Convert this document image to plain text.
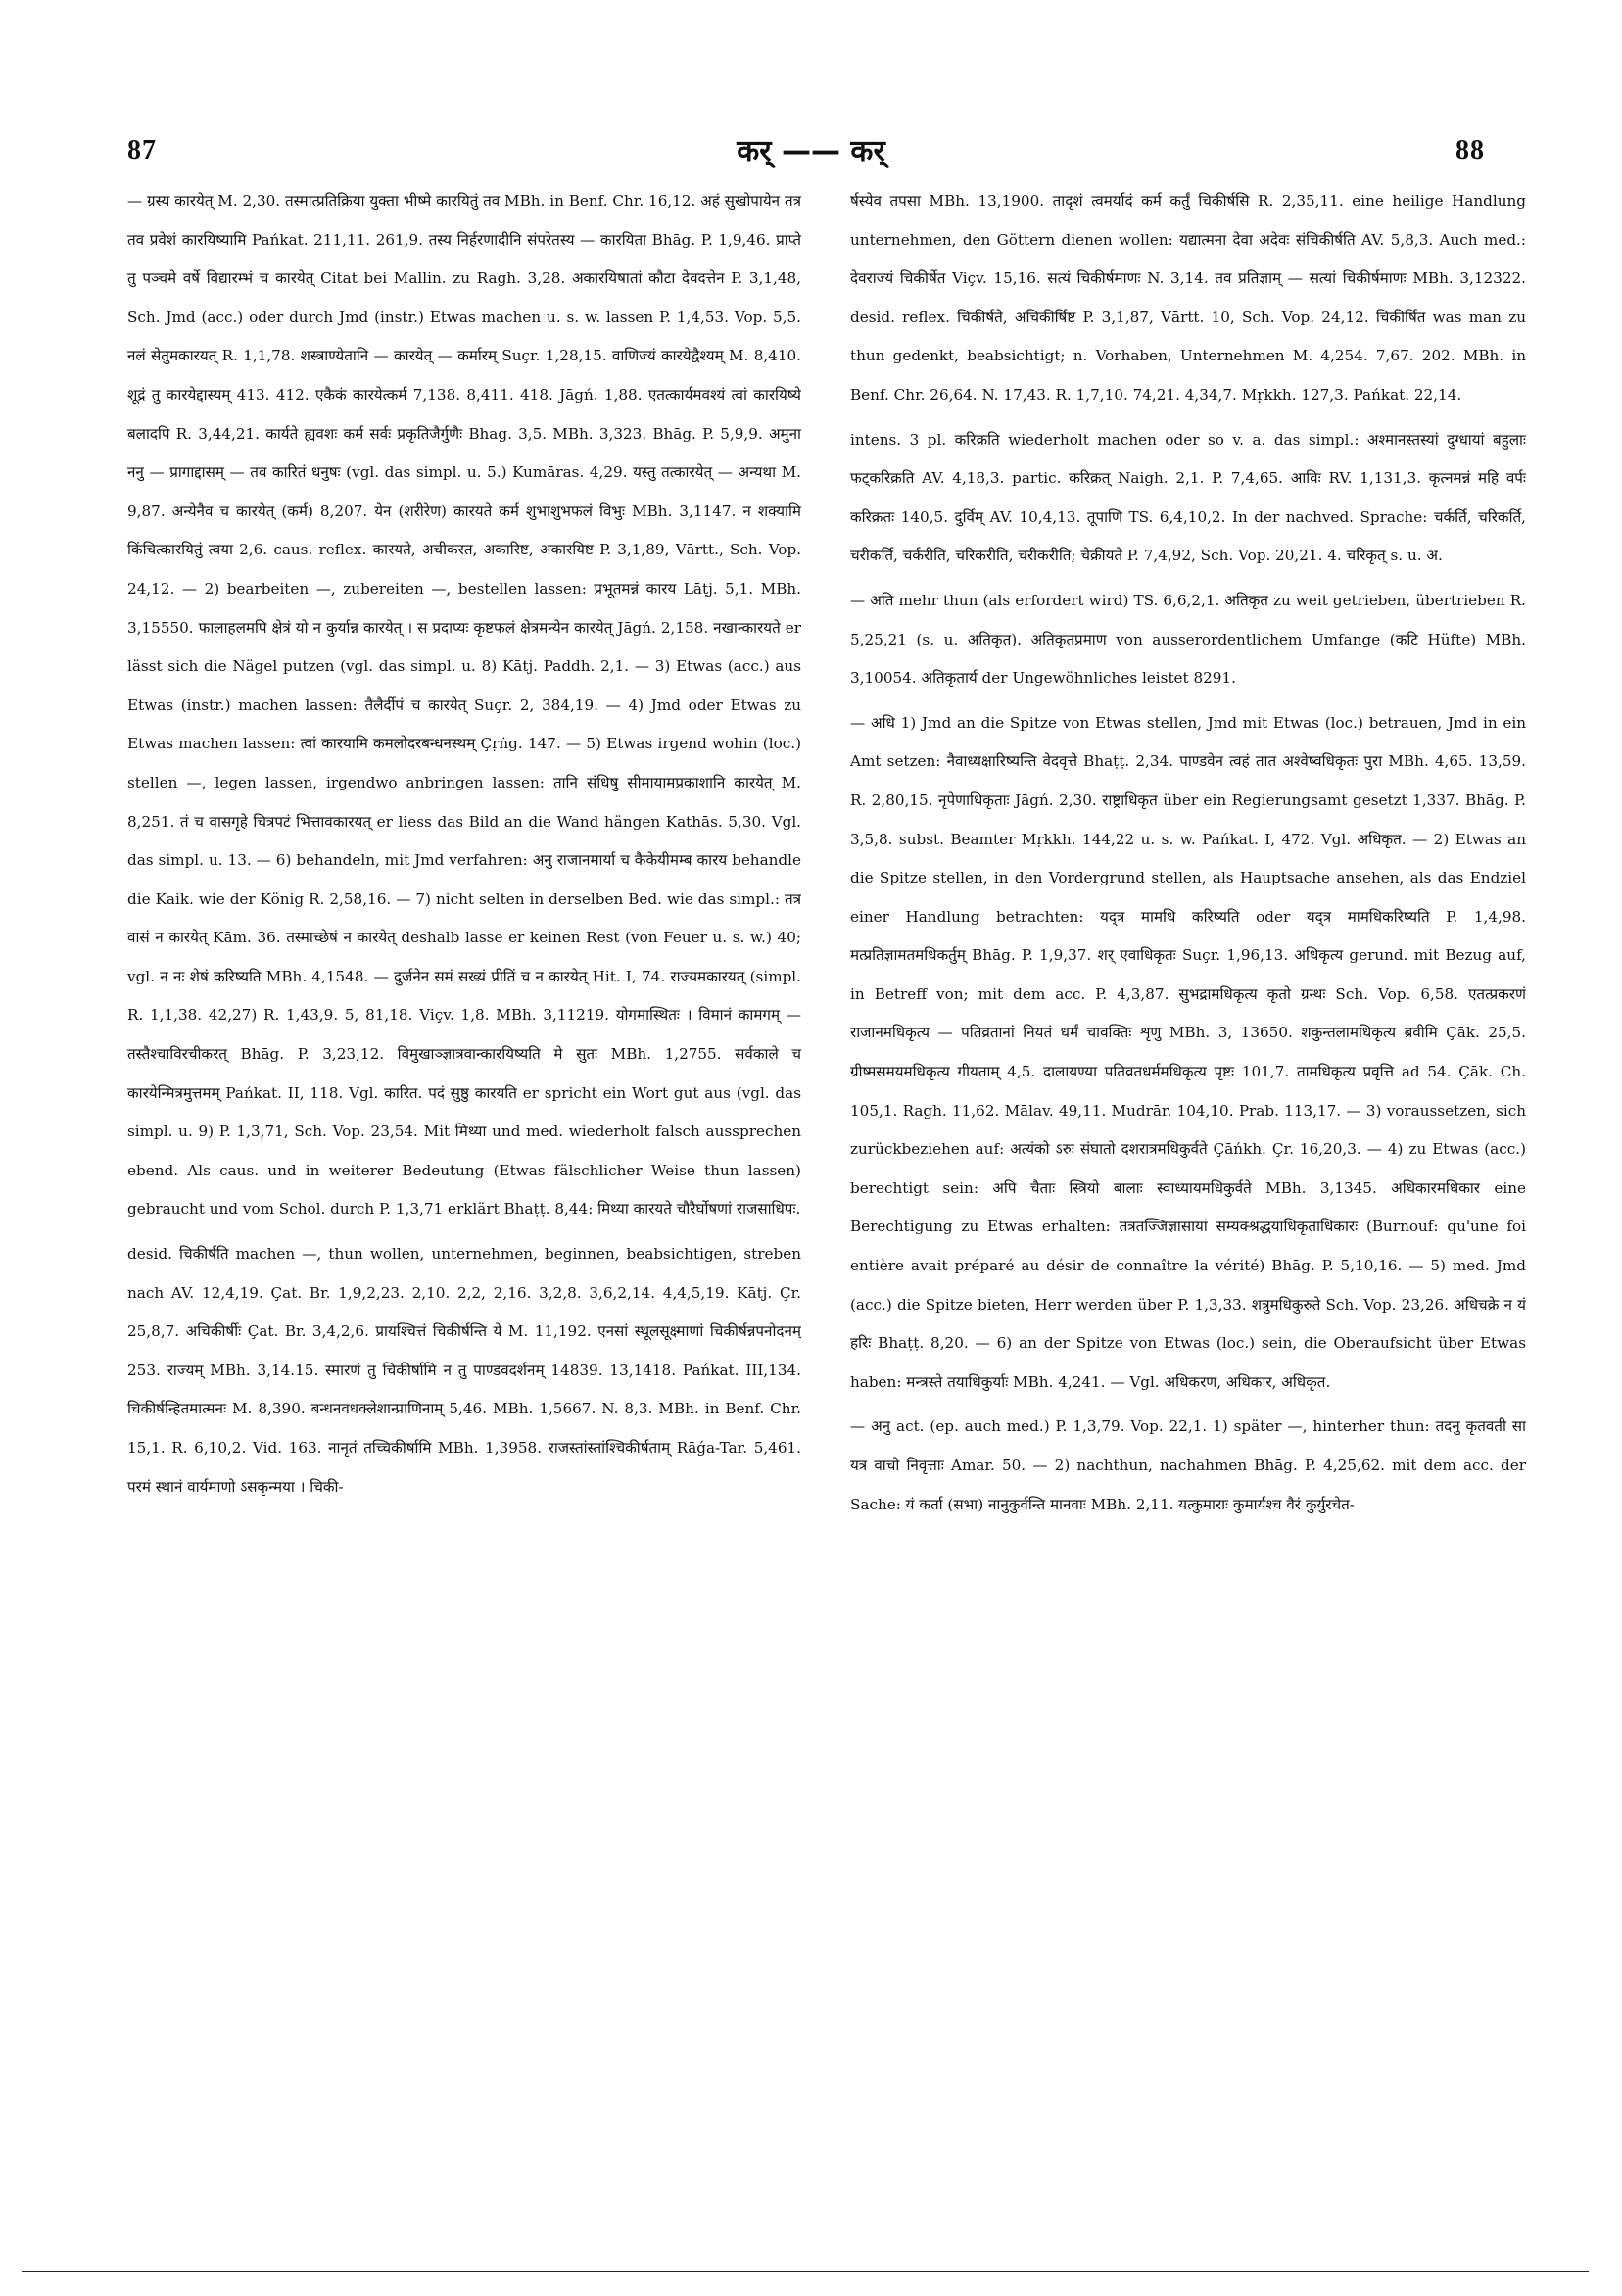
87	कर् —— कर्	88

— ग्रस्य कारयेत् M. 2,30. तस्मात्प्रतिक्रिया युक्ता भीष्मे कारयितुं तव MBh. in Benf. Chr. 16,12. अहं सुखोपायेन तत्र तव प्रवेशं कारयिष्यामि Pańkat. 211,11. 261,9. तस्य निर्हरणादीनि संपरेतस्य — कारयिता Bhāg. P. 1,9,46. प्राप्ते तु पञ्चमे वर्षे विद्यारम्भं च कारयेत् Citat bei Mallin. zu Ragh. 3,28. अकारयिषातां कौटा देवदत्तेन P. 3,1,48, Sch. Jmd (acc.) oder durch Jmd (instr.) Etwas machen u. s. w. lassen P. 1,4,53. Vop. 5,5. नलं सेतुमकारयत् R. 1,1,78. शस्त्राण्येतानि — कारयेत् — कर्मारम् Suçr. 1,28,15. वाणिज्यं कारयेद्वैश्यम् M. 8,410. शूद्रं तु कारयेद्दास्यम् 413. 412. एकैकं कारयेत्कर्म 7,138. 8,411. 418. Jāgń. 1,88. एतत्कार्यमवश्यं त्वां कारयिष्ये बलादपि R. 3,44,21. कार्यते ह्यवशः कर्म सर्वः प्रकृतिजैर्गुणैः Bhag. 3,5. MBh. 3,323. Bhāg. P. 5,9,9. अमुना ननु — प्रागाद्दासम् — तव कारितं धनुषः (vgl. das simpl. u. 5.) Kumāras. 4,29. यस्तु तत्कारयेत् — अन्यथा M. 9,87. अन्येनैव च कारयेत् (कर्म) 8,207. येन (शरीरेण) कारयते कर्म शुभाशुभफलं विभुः MBh. 3,1147. न शक्यामि किंचित्कारयितुं त्वया 2,6. caus. reflex. कारयते, अचीकरत, अकारिष्ट, अकारयिष्ट P. 3,1,89, Vārtt., Sch. Vop. 24,12. — 2) bearbeiten —, zubereiten —, bestellen lassen: प्रभूतमन्नं कारय Lāṭj. 5,1. MBh. 3,15550. फालाहलमपि क्षेत्रं यो न कुर्यान्न कारयेत् । स प्रदाप्यः कृष्टफलं क्षेत्रमन्येन कारयेत् Jāgń. 2,158. नखान्कारयते er lässt sich die Nägel putzen (vgl. das simpl. u. 8) Kātj. Paddh. 2,1. — 3) Etwas (acc.) aus Etwas (instr.) machen lassen: तैलैर्दीपं च कारयेत् Suçr. 2, 384,19. — 4) Jmd oder Etwas zu Etwas machen lassen: त्वां कारयामि कमलोदरबन्धनस्थम् Çṛṅg. 147. — 5) Etwas irgend wohin (loc.) stellen —, legen lassen, irgendwo anbringen lassen: तानि संधिषु सीमायामप्रकाशानि कारयेत् M. 8,251. तं च वासगृहे चित्रपटं भित्तावकारयत् er liess das Bild an die Wand hängen Kathās. 5,30. Vgl. das simpl. u. 13. — 6) behandeln, mit Jmd verfahren: अनु राजानमार्या च कैकेयीमम्ब कारय behandle die Kaik. wie der König R. 2,58,16. — 7) nicht selten in derselben Bed. wie das simpl.: तत्र वासं न कारयेत् Kām. 36. तस्माच्छेषं न कारयेत् deshalb lasse er keinen Rest (von Feuer u. s. w.) 40; vgl. न नः शेषं करिष्यति MBh. 4,1548. — दुर्जनेन समं सख्यं प्रीतिं च न कारयेत् Hit. I, 74. राज्यमकारयत् (simpl. R. 1,1,38. 42,27) R. 1,43,9. 5, 81,18. Viçv. 1,8. MBh. 3,11219. योगमास्थितः । विमानं कामगम् — तस्तैश्चाविरचीकरत् Bhāg. P. 3,23,12. विमुखाञ्ज्ञात्रवान्कारयिष्यति मे सुतः MBh. 1,2755. सर्वकाले च कारयेन्मित्रमुत्तमम् Pańkat. II, 118. Vgl. कारित. पदं सुष्ठु कारयति er spricht ein Wort gut aus (vgl. das simpl. u. 9) P. 1,3,71, Sch. Vop. 23,54. Mit मिथ्या und med. wiederholt falsch aussprechen ebend. Als caus. und in weiterer Bedeutung (Etwas fälschlicher Weise thun lassen) gebraucht und vom Schol. durch P. 1,3,71 erklärt Bhaṭṭ. 8,44: मिथ्या कारयते चौरैर्घोषणां राजसाधिपः.

desid. चिकीर्षति machen —, thun wollen, unternehmen, beginnen, beabsichtigen, streben nach AV. 12,4,19. Çat. Br. 1,9,2,23. 2,10. 2,2, 2,16. 3,2,8. 3,6,2,14. 4,4,5,19. Kātj. Çr. 25,8,7. अचिकीर्षीः Çat. Br. 3,4,2,6. प्रायश्चित्तं चिकीर्षन्ति ये M. 11,192. एनसां स्थूलसूक्ष्माणां चिकीर्षन्नपनोदनम् 253. राज्यम् MBh. 3,14.15. स्मारणं तु चिकीर्षामि न तु पाण्डवदर्शनम् 14839. 13,1418. Pańkat. III,134. चिकीर्षन्हितमात्मनः M. 8,390. बन्धनवधक्लेशान्प्राणिनाम् 5,46. MBh. 1,5667. N. 8,3. MBh. in Benf. Chr. 15,1. R. 6,10,2. Vid. 163. नानृतं तच्चिकीर्षामि MBh. 1,3958. राजस्तांस्तांश्चिकीर्षताम् Rāǵa-Tar. 5,461. परमं स्थानं वार्यमाणो ऽसकृन्मया । चिकी-

र्षस्येव तपसा MBh. 13,1900. तादृशं त्वमर्यादं कर्म कर्तुं चिकीर्षसि R. 2,35,11. eine heilige Handlung unternehmen, den Göttern dienen wollen: यद्यात्मना देवा अदेवः संचिकीर्षति AV. 5,8,3. Auch med.: देवराज्यं चिकीर्षेत Viçv. 15,16. सत्यं चिकीर्षमाणः N. 3,14. तव प्रतिज्ञाम् — सत्यां चिकीर्षमाणः MBh. 3,12322. desid. reflex. चिकीर्षते, अचिकीर्षिष्ट P. 3,1,87, Vārtt. 10, Sch. Vop. 24,12. चिकीर्षित was man zu thun gedenkt, beabsichtigt; n. Vorhaben, Unternehmen M. 4,254. 7,67. 202. MBh. in Benf. Chr. 26,64. N. 17,43. R. 1,7,10. 74,21. 4,34,7. Mṛkkh. 127,3. Pańkat. 22,14.

intens. 3 pl. करिक्रति wiederholt machen oder so v. a. das simpl.: अश्मानस्तस्यां दुग्धायां बहुलाः फट्करिक्रति AV. 4,18,3. partic. करिक्रत् Naigh. 2,1. P. 7,4,65. आविः RV. 1,131,3. कृत्नमन्नं महि वर्पः करिक्रतः 140,5. दुर्विम् AV. 10,4,13. तूपाणि TS. 6,4,10,2. In der nachved. Sprache: चर्कर्ति, चरिकर्ति, चरीकर्ति, चर्करीति, चरिकरीति, चरीकरीति; चेक्रीयते P. 7,4,92, Sch. Vop. 20,21. 4. चरिकृत् s. u. अ.

— अति mehr thun (als erfordert wird) TS. 6,6,2,1. अतिकृत zu weit getrieben, übertrieben R. 5,25,21 (s. u. अतिकृत). अतिकृतप्रमाण von ausserordentlichem Umfange (कटि Hüfte) MBh. 3,10054. अतिकृतार्य der Ungewöhnliches leistet 8291.

— अधि 1) Jmd an die Spitze von Etwas stellen, Jmd mit Etwas (loc.) betrauen, Jmd in ein Amt setzen: नैवाध्यक्षारिष्यन्ति वेदवृत्ते Bhaṭṭ. 2,34. पाण्डवेन त्वहं तात अश्वेष्वधिकृतः पुरा MBh. 4,65. 13,59. R. 2,80,15. नृपेणाधिकृताः Jāgń. 2,30. राष्ट्राधिकृत über ein Regierungsamt gesetzt 1,337. Bhāg. P. 3,5,8. subst. Beamter Mṛkkh. 144,22 u. s. w. Pańkat. I, 472. Vgl. अधिकृत. — 2) Etwas an die Spitze stellen, in den Vordergrund stellen, als Hauptsache ansehen, als das Endziel einer Handlung betrachten: यद्त्र मामधि करिष्यति oder यद्त्र मामधिकरिष्यति P. 1,4,98. मत्प्रतिज्ञामतमधिकर्तुम् Bhāg. P. 1,9,37. शर् एवाधिकृतः Suçr. 1,96,13. अधिकृत्य gerund. mit Bezug auf, in Betreff von; mit dem acc. P. 4,3,87. सुभद्रामधिकृत्य कृतो ग्रन्थः Sch. Vop. 6,58. एतत्प्रकरणं राजानमधिकृत्य — पतिव्रतानां नियतं धर्मं चावक्तिः शृणु MBh. 3, 13650. शकुन्तलामधिकृत्य ब्रवीमि Çāk. 25,5. ग्रीष्मसमयमधिकृत्य गीयताम् 4,5. दालायण्या पतिव्रतधर्ममधिकृत्य पृष्टः 101,7. तामधिकृत्य प्रवृत्ति ad 54. Çāk. Ch. 105,1. Ragh. 11,62. Mālav. 49,11. Mudrār. 104,10. Prab. 113,17. — 3) voraussetzen, sich zurückbeziehen auf: अत्यंको ऽरुः संघातो दशरात्रमधिकुर्वते Çāńkh. Çr. 16,20,3. — 4) zu Etwas (acc.) berechtigt sein: अपि चैताः स्त्रियो बालाः स्वाध्यायमधिकुर्वते MBh. 3,1345. अधिकारमधिकार eine Berechtigung zu Etwas erhalten: तत्रतज्जिज्ञासायां सम्यक्श्रद्धयाधिकृताधिकारः (Burnouf: qu'une foi entière avait préparé au désir de connaître la vérité) Bhāg. P. 5,10,16. — 5) med. Jmd (acc.) die Spitze bieten, Herr werden über P. 1,3,33. शत्रुमधिकुरुते Sch. Vop. 23,26. अधिचक्रे न यं हरिः Bhaṭṭ. 8,20. — 6) an der Spitze von Etwas (loc.) sein, die Oberaufsicht über Etwas haben: मन्त्रस्ते तयाधिकुर्याः MBh. 4,241. — Vgl. अधिकरण, अधिकार, अधिकृत.

— अनु act. (ep. auch med.) P. 1,3,79. Vop. 22,1. 1) später —, hinterher thun: तदनु कृतवती सा यत्र वाचो निवृत्ताः Amar. 50. — 2) nachthun, nachahmen Bhāg. P. 4,25,62. mit dem acc. der Sache: यं कर्ता (सभा) नानुकुर्वन्ति मानवाः MBh. 2,11. यत्कुमाराः कुमार्यश्च वैरं कुर्युरचेत-
